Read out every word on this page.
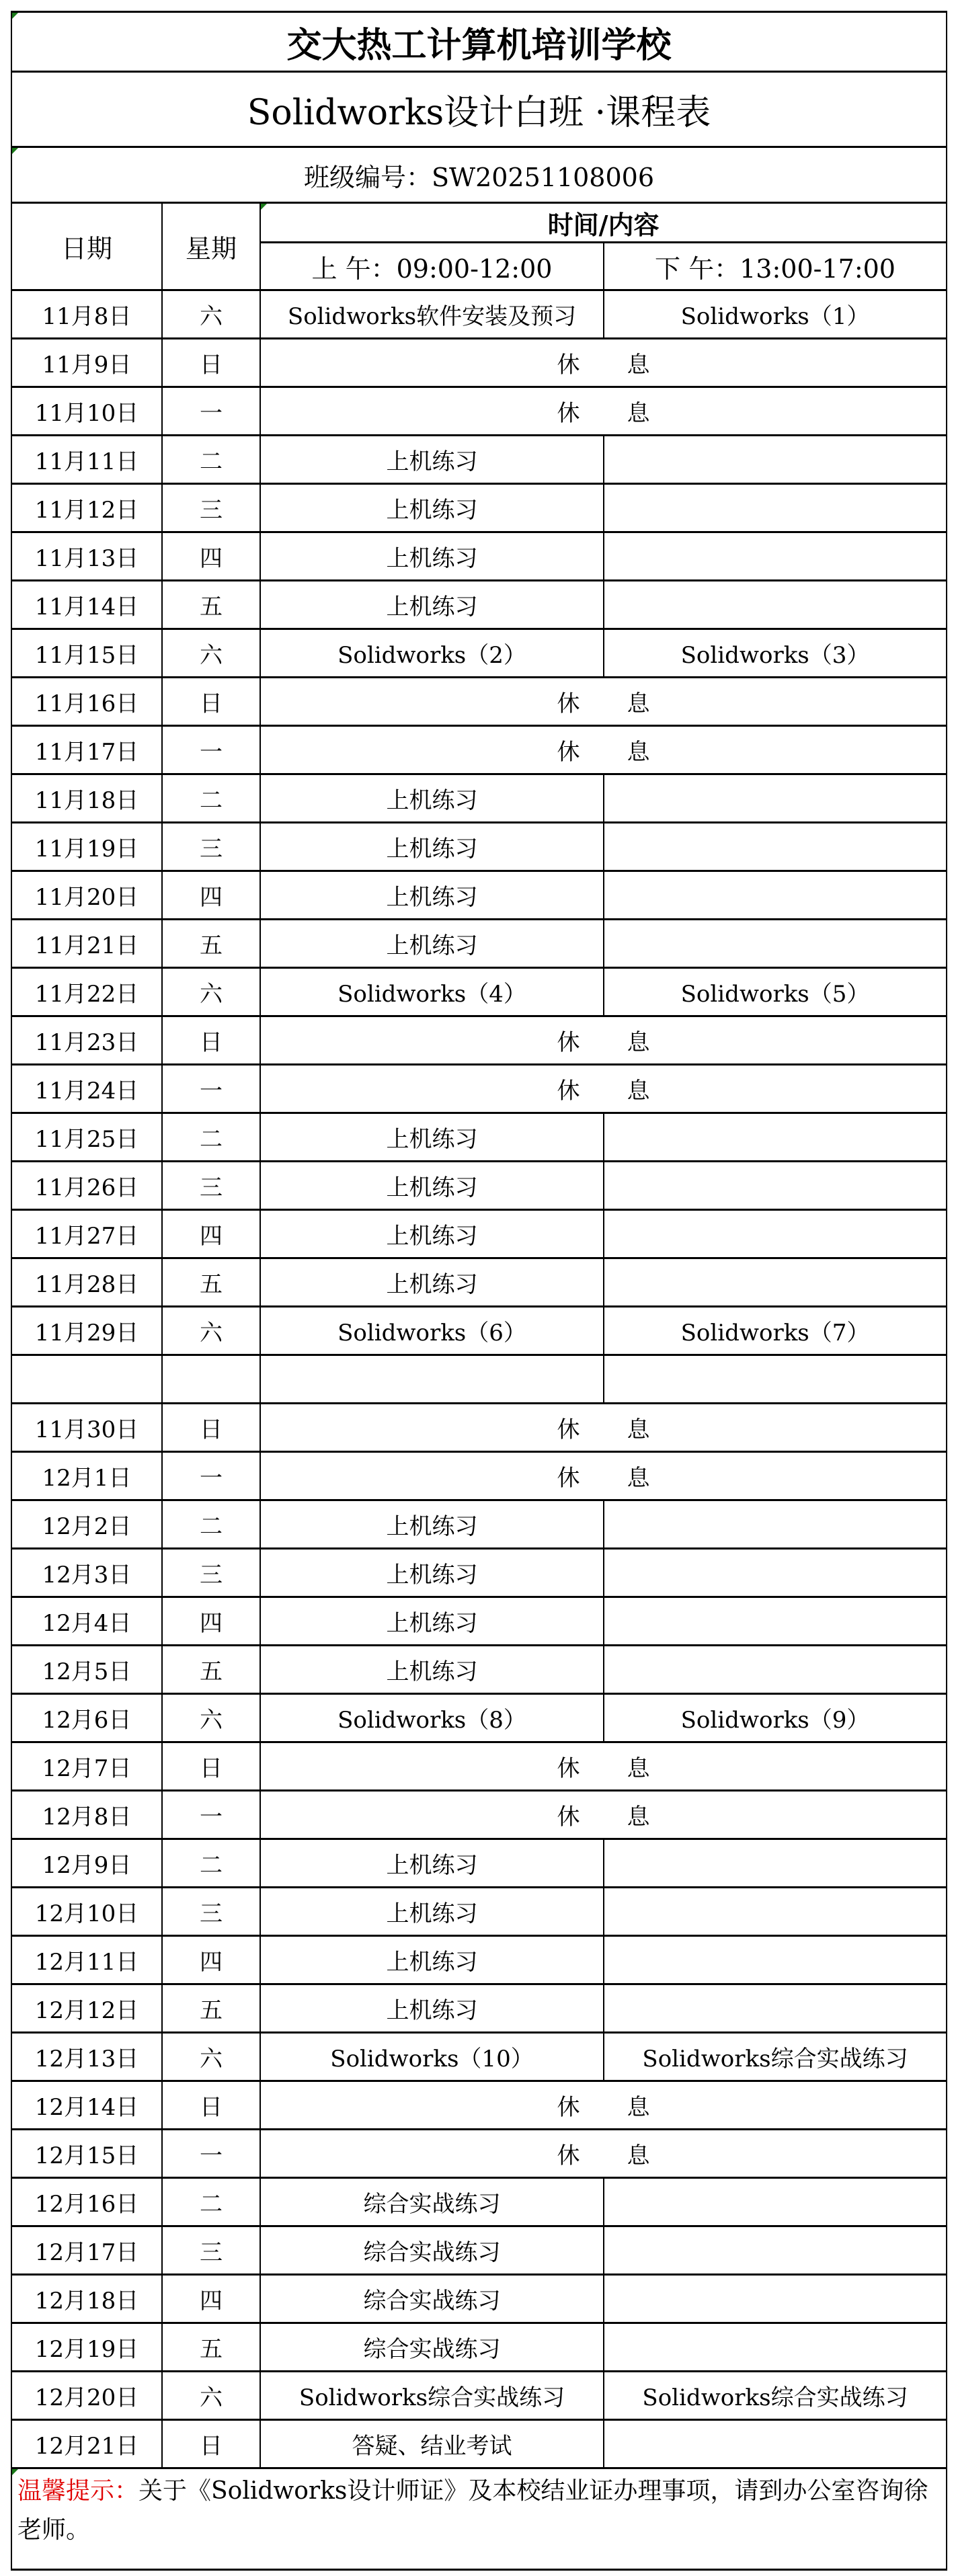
交大热工计算机培训学校			
Solidworks设计白班 ·课程表			
班级编号：SW20251108006			
日期	星期	时间/内容	
		上 午：09:00-12:00	下 午：13:00-17:00
11月8日	六	Solidworks软件安装及预习	Solidworks（1）
11月9日	日	休 息	
11月10日	一	休 息	
11月11日	二	上机练习	
11月12日	三	上机练习	
11月13日	四	上机练习	
11月14日	五	上机练习	
11月15日	六	Solidworks（2）	Solidworks（3）
11月16日	日	休 息	
11月17日	一	休 息	
11月18日	二	上机练习	
11月19日	三	上机练习	
11月20日	四	上机练习	
11月21日	五	上机练习	
11月22日	六	Solidworks（4）	Solidworks（5）
11月23日	日	休 息	
11月24日	一	休 息	
11月25日	二	上机练习	
11月26日	三	上机练习	
11月27日	四	上机练习	
11月28日	五	上机练习	
11月29日	六	Solidworks（6）	Solidworks（7）

11月30日	日	休 息	
12月1日	一	休 息	
12月2日	二	上机练习	
12月3日	三	上机练习	
12月4日	四	上机练习	
12月5日	五	上机练习	
12月6日	六	Solidworks（8）	Solidworks（9）
12月7日	日	休 息	
12月8日	一	休 息	
12月9日	二	上机练习	
12月10日	三	上机练习	
12月11日	四	上机练习	
12月12日	五	上机练习	
12月13日	六	Solidworks（10）	Solidworks综合实战练习
12月14日	日	休 息	
12月15日	一	休 息	
12月16日	二	综合实战练习	
12月17日	三	综合实战练习	
12月18日	四	综合实战练习	
12月19日	五	综合实战练习	
12月20日	六	Solidworks综合实战练习	Solidworks综合实战练习
12月21日	日	答疑、结业考试	
温馨提示：关于《Solidworks设计师证》及本校结业证办理事项，请到办公室咨询徐老师。			
